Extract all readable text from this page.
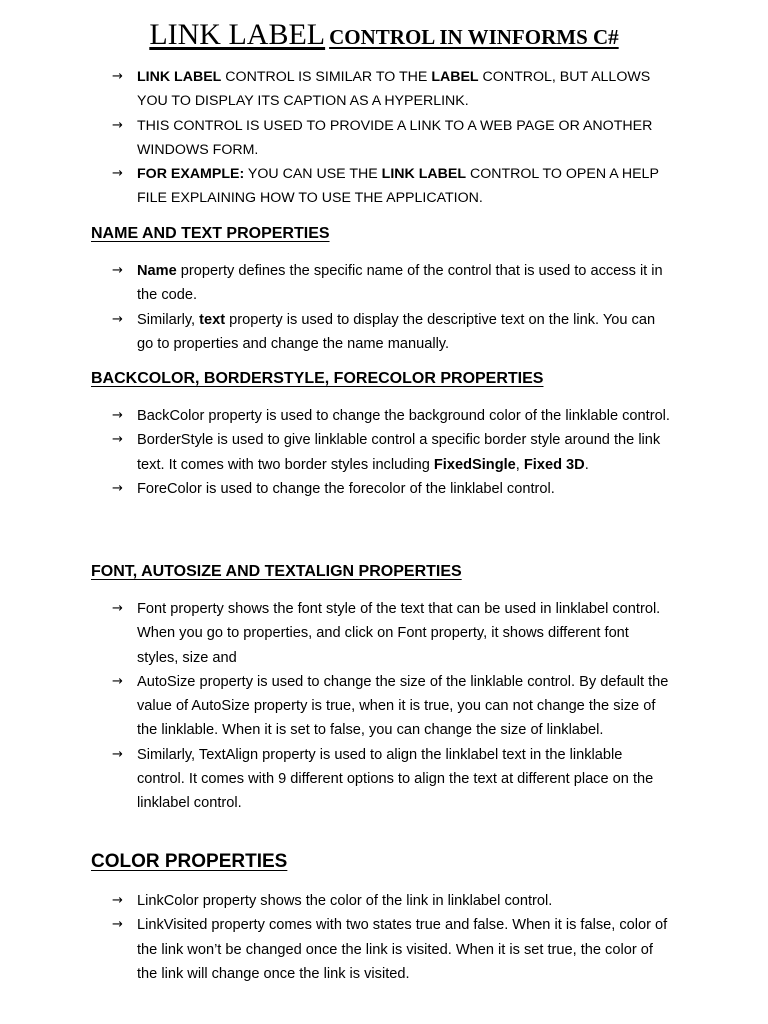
LINK LABEL CONTROL IN WINFORMS C#
→ LINK LABEL CONTROL IS SIMILAR TO THE LABEL CONTROL, BUT ALLOWS YOU TO DISPLAY ITS CAPTION AS A HYPERLINK.
→ THIS CONTROL IS USED TO PROVIDE A LINK TO A WEB PAGE OR ANOTHER WINDOWS FORM.
→ FOR EXAMPLE: YOU CAN USE THE LINK LABEL CONTROL TO OPEN A HELP FILE EXPLAINING HOW TO USE THE APPLICATION.
NAME AND TEXT PROPERTIES
→ Name property defines the specific name of the control that is used to access it in the code.
→ Similarly, text property is used to display the descriptive text on the link. You can go to properties and change the name manually.
BACKCOLOR, BORDERSTYLE, FORECOLOR PROPERTIES
→ BackColor property is used to change the background color of the linklable control.
→ BorderStyle is used to give linklable control a specific border style around the link text. It comes with two border styles including FixedSingle, Fixed 3D.
→ ForeColor is used to change the forecolor of the linklabel control.
FONT, AUTOSIZE AND TEXTALIGN PROPERTIES
→ Font property shows the font style of the text that can be used in linklabel control. When you go to properties, and click on Font property, it shows different font styles, size and
→ AutoSize property is used to change the size of the linklable control. By default the value of AutoSize property is true, when it is true, you can not change the size of the linklable. When it is set to false, you can change the size of linklabel.
→ Similarly, TextAlign property is used to align the linklabel text in the linklable control. It comes with 9 different options to align the text at different place on the linklabel control.
COLOR PROPERTIES
→ LinkColor property shows the color of the link in linklabel control.
→ LinkVisited property comes with two states true and false. When it is false, color of the link won’t be changed once the link is visited. When it is set true, the color of the link will change once the link is visited.
